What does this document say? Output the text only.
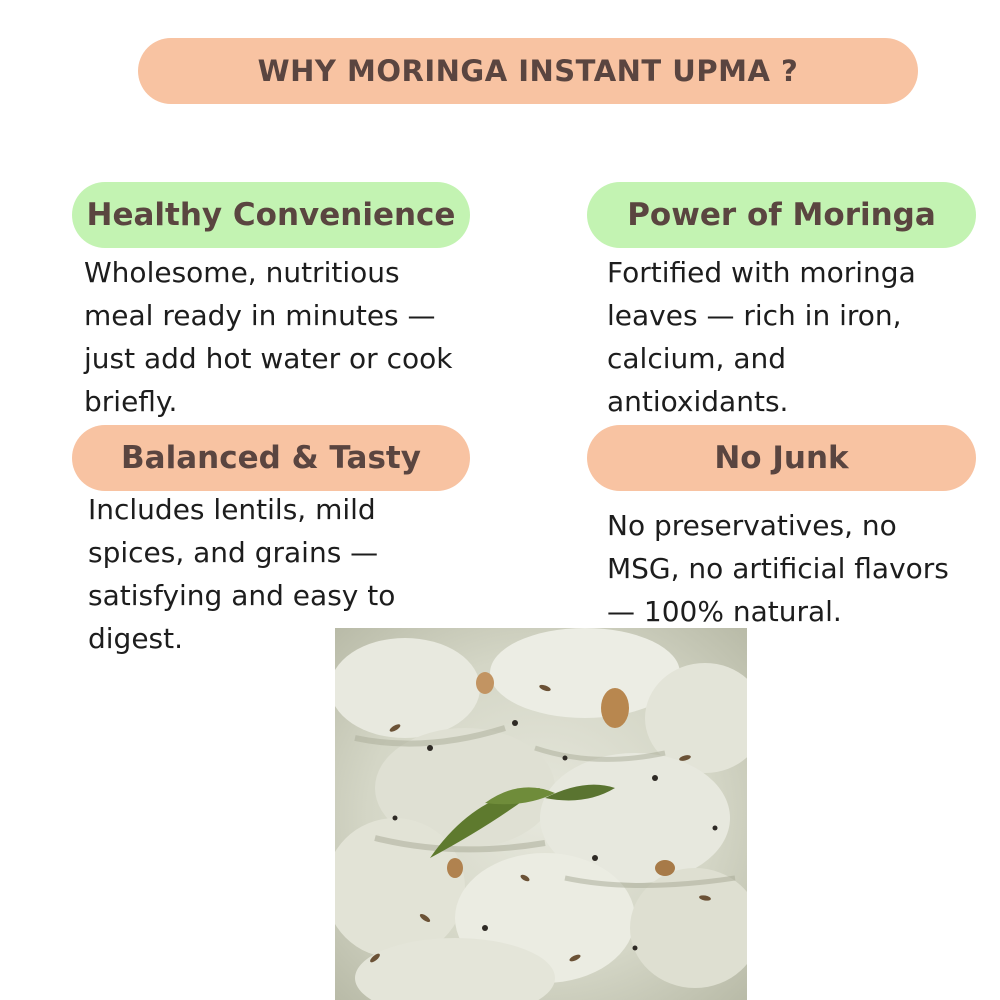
WHY MORINGA INSTANT UPMA ?
Healthy Convenience

Wholesome, nutritious meal ready in minutes — just add hot water or cook briefly.

Power of Moringa

Fortified with moringa leaves — rich in iron, calcium, and antioxidants.

Balanced & Tasty

Includes lentils, mild spices, and grains — satisfying and easy to digest.

No Junk

No preservatives, no MSG, no artificial flavors — 100% natural.
